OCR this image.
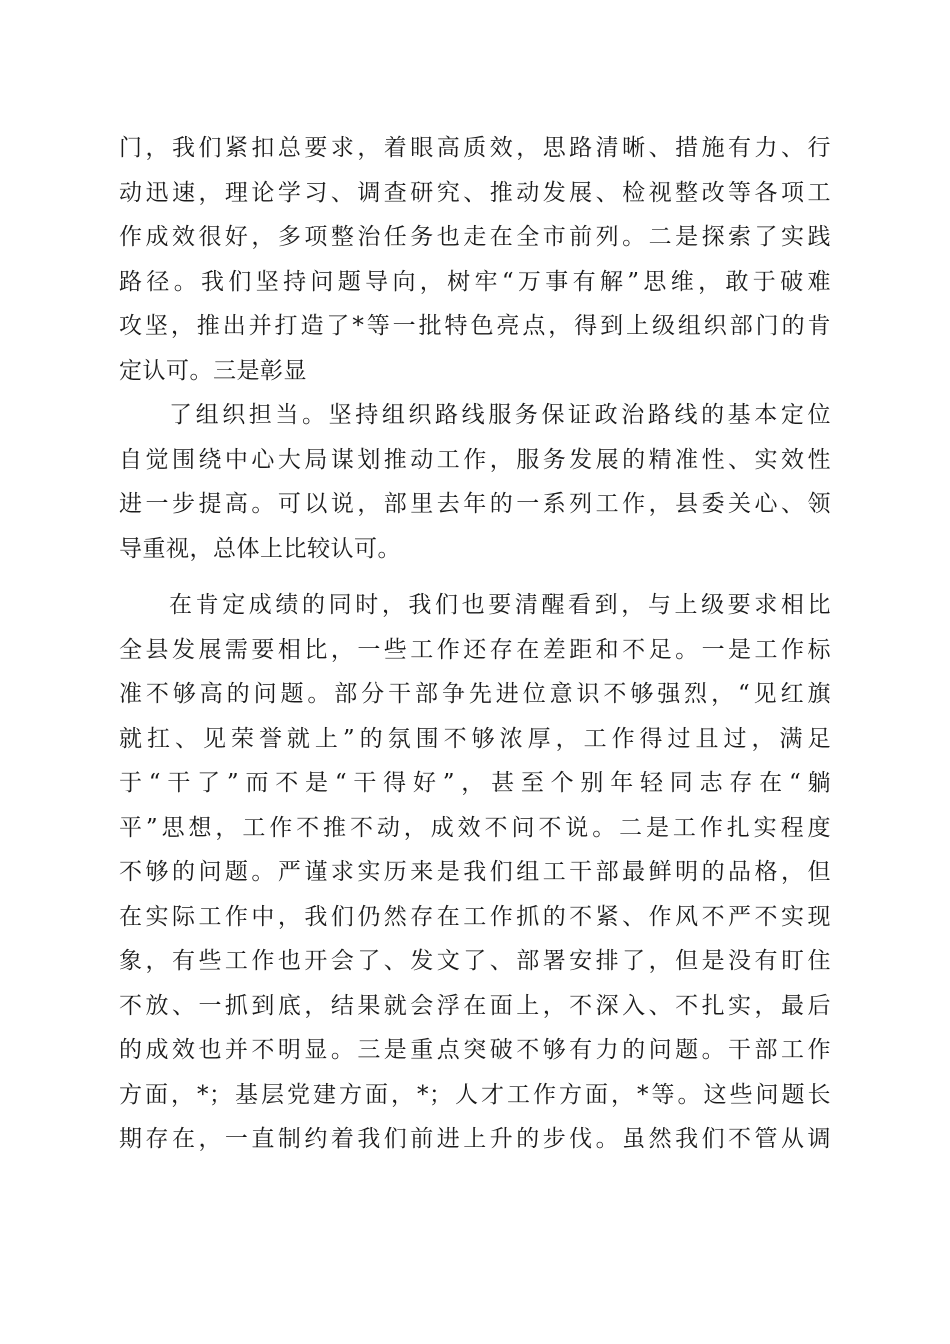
门，我们紧扣总要求，着眼高质效，思路清晰、措施有力、行
动迅速，理论学习、调查研究、推动发展、检视整改等各项工
作成效很好，多项整治任务也走在全市前列。二是探索了实践
路径。我们坚持问题导向，树牢“万事有解”思维，敢于破难
攻坚，推出并打造了*等一批特色亮点，得到上级组织部门的肯
定认可。三是彰显
了组织担当。坚持组织路线服务保证政治路线的基本定位
自觉围绕中心大局谋划推动工作，服务发展的精准性、实效性
进一步提高。可以说，部里去年的一系列工作，县委关心、领
导重视，总体上比较认可。
在肯定成绩的同时，我们也要清醒看到，与上级要求相比
全县发展需要相比，一些工作还存在差距和不足。一是工作标
准不够高的问题。部分干部争先进位意识不够强烈，“见红旗
就扛、见荣誉就上”的氛围不够浓厚，工作得过且过，满足
于“干了”而不是“干得好”，甚至个别年轻同志存在“躺
平”思想，工作不推不动，成效不问不说。二是工作扎实程度
不够的问题。严谨求实历来是我们组工干部最鲜明的品格，但
在实际工作中，我们仍然存在工作抓的不紧、作风不严不实现
象，有些工作也开会了、发文了、部署安排了，但是没有盯住
不放、一抓到底，结果就会浮在面上，不深入、不扎实，最后
的成效也并不明显。三是重点突破不够有力的问题。干部工作
方面，*；基层党建方面，*；人才工作方面，*等。这些问题长
期存在，一直制约着我们前进上升的步伐。虽然我们不管从调
